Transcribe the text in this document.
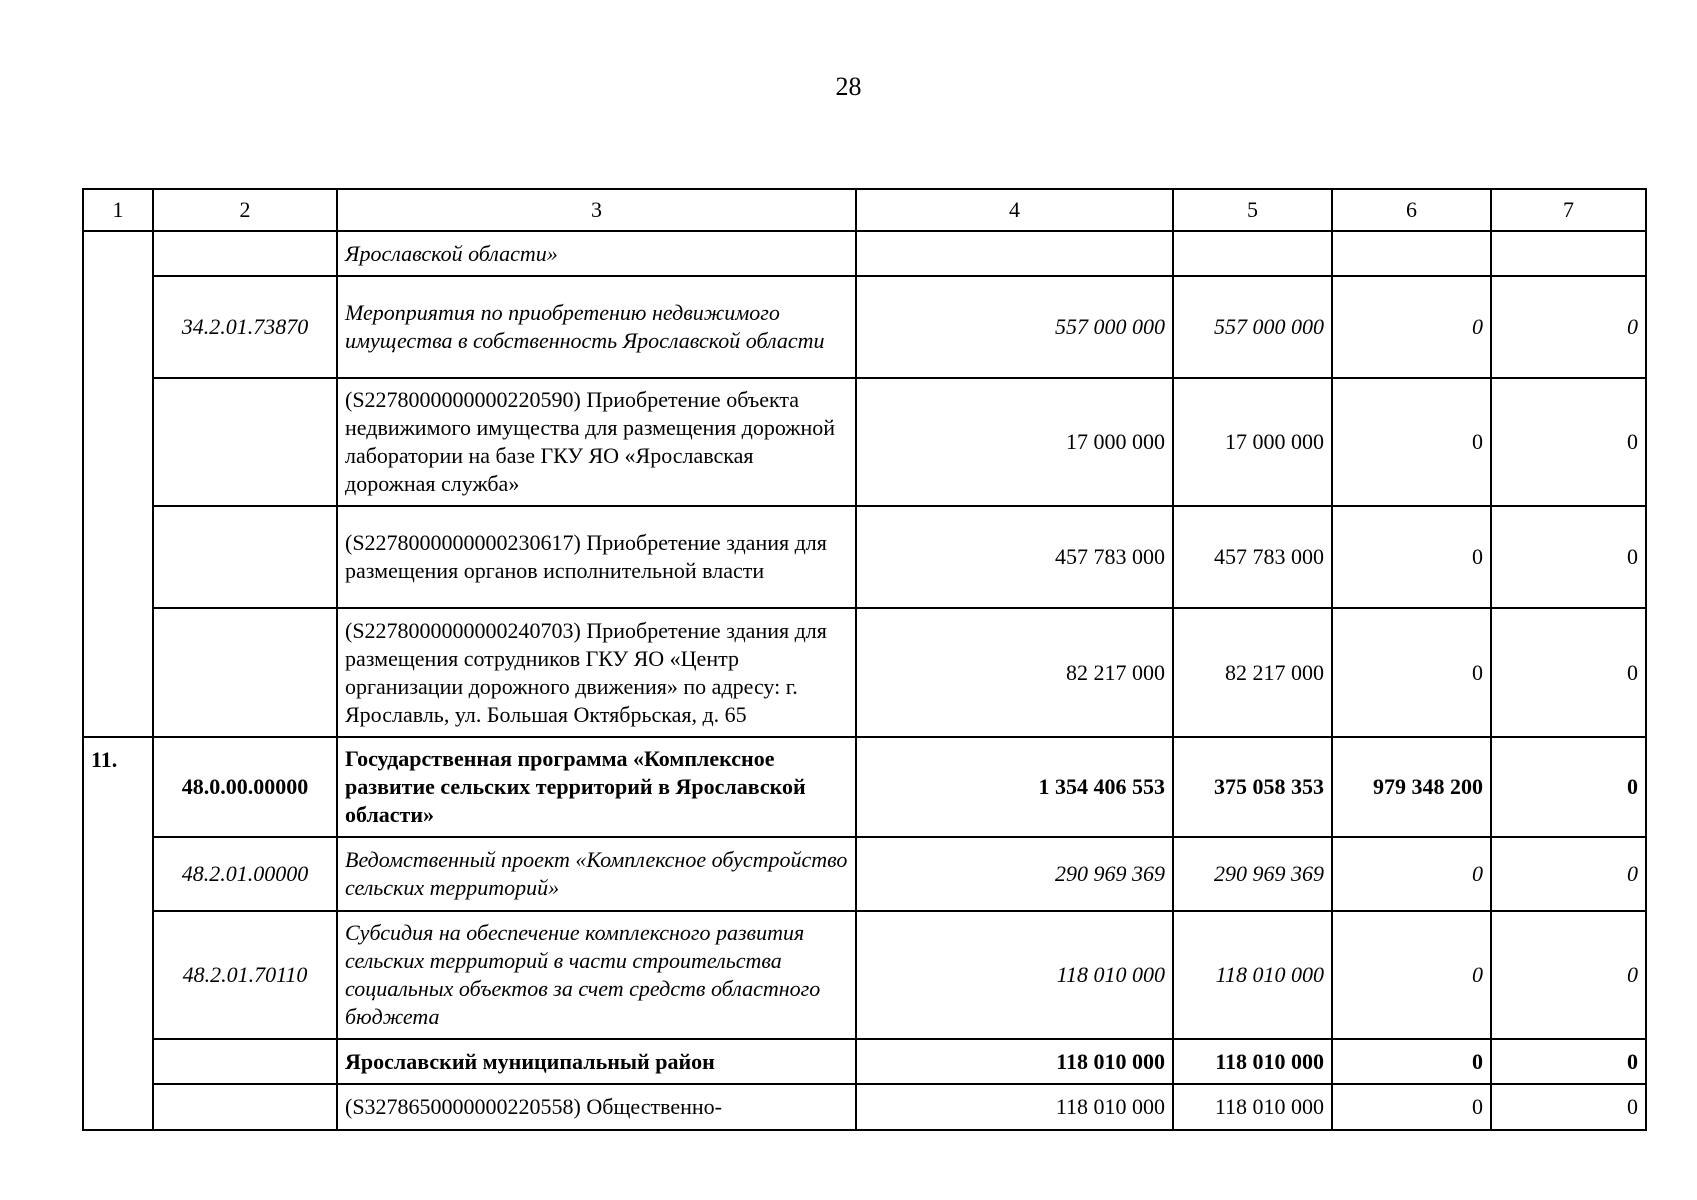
28
1	2	3	4	5	6	7
		Ярославской области»				
	34.2.01.73870	Мероприятия по приобретению недвижимого имущества в собственность Ярославской области	557 000 000	557 000 000	0	0
		(S2278000000000220590) Приобретение объекта недвижимого имущества для размещения дорожной лаборатории на базе ГКУ ЯО «Ярославская дорожная служба»	17 000 000	17 000 000	0	0
		(S2278000000000230617) Приобретение здания для размещения органов исполнительной власти	457 783 000	457 783 000	0	0
		(S2278000000000240703) Приобретение здания для размещения сотрудников ГКУ ЯО «Центр организации дорожного движения» по адресу: г. Ярославль, ул. Большая Октябрьская, д. 65	82 217 000	82 217 000	0	0

11.	48.0.00.00000	Государственная программа «Комплексное развитие сельских территорий в Ярославской области»	1 354 406 553	375 058 353	979 348 200	0
	48.2.01.00000	Ведомственный проект «Комплексное обустройство сельских территорий»	290 969 369	290 969 369	0	0
	48.2.01.70110	Субсидия на обеспечение комплексного развития сельских территорий в части строительства социальных объектов за счет средств областного бюджета	118 010 000	118 010 000	0	0
		Ярославский муниципальный район	118 010 000	118 010 000	0	0
		(S3278650000000220558) Общественно-	118 010 000	118 010 000	0	0
